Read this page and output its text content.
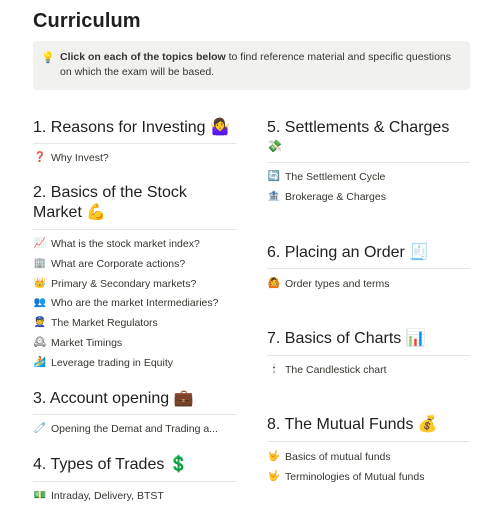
Curriculum
💡 Click on each of the topics below to find reference material and specific questions on which the exam will be based.
1. Reasons for Investing 🤷‍♀️
❓ Why Invest?
2. Basics of the Stock
Market 💪
📈 What is the stock market index?
🏢 What are Corporate actions?
👑 Primary & Secondary markets?
👥 Who are the market Intermediaries?
👮 The Market Regulators
🕰 Market Timings
🏄 Leverage trading in Equity
3. Account opening 💼
🧷 Opening the Demat and Trading a...
4. Types of Trades 💲
💵 Intraday, Delivery, BTST
5. Settlements & Charges
💸
🔄 The Settlement Cycle
🏦 Brokerage & Charges
6. Placing an Order 🧾
🙆 Order types and terms
7. Basics of Charts 📊
🕯 The Candlestick chart
8. The Mutual Funds 💰
🤟 Basics of mutual funds
🤟 Terminologies of Mutual funds
